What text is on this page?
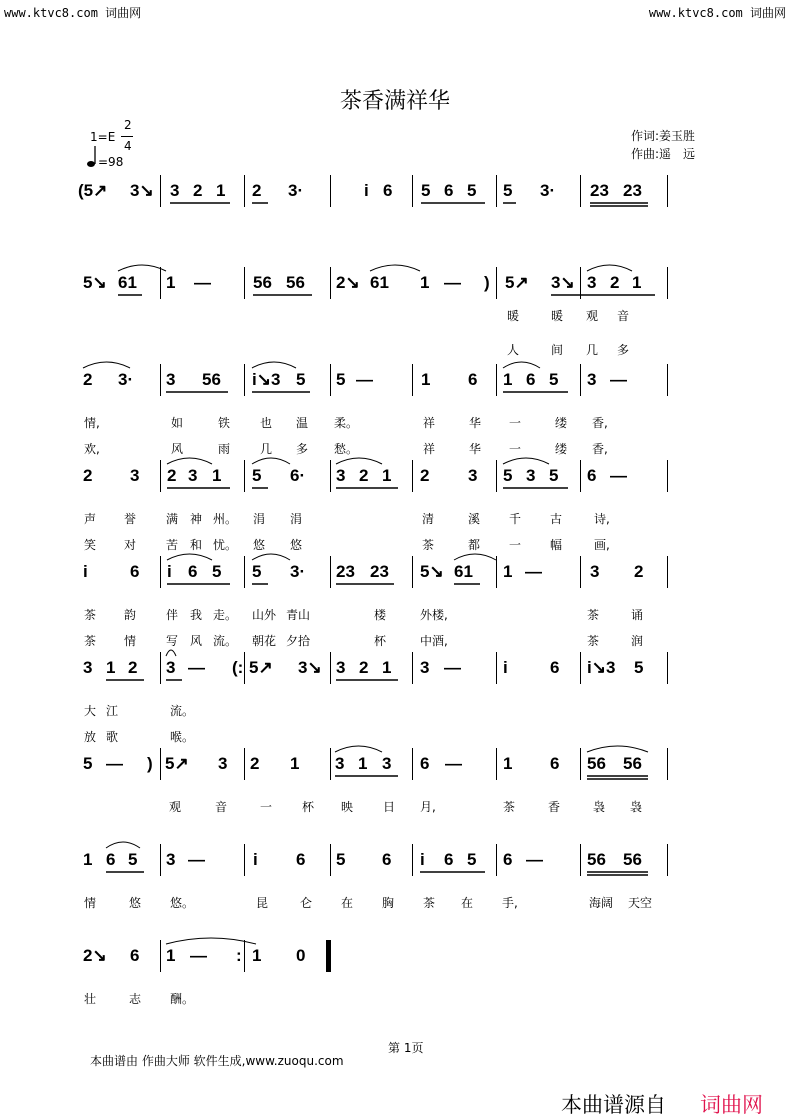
www.ktvc8.com 词曲网	www.ktvc8.com 词曲网
茶香满祥华
1=E
2
4
=98
作词:姜玉胜
作曲:遥　远
(5↗ 3↘ 3 2 1 2 3·	i 6 5 6 5 5 3· 23 23
5↘ 61 1 — 56 56 2↘ 61 1 — ) 5↗ 3↘ 3 2 1
暖	暖 观 音
人	间 几 多
2 3· 3 56 i↘3 5 5 —	1 6 1 6 5 3 —
情,	如	铁 也 温 柔。	祥	华 一	缕 香,
欢,	风	雨 几 多 愁。	祥	华 一	缕 香,
2 3 2 3 1 5 6· 3 2 1 2 3 5 3 5 6 —
声 誉 满 神 州。 涓 涓	清	溪 千 古	诗,
笑 对 苦 和 忧。 悠 悠	茶	都 一 幅	画,
i 6 i 6 5 5 3· 23 23 5↘ 61 1 —	3 2
茶 韵 伴 我 走。 山外 青山	楼	外楼,	茶	诵
茶 情 写 风 流。 朝花 夕拾	杯	中酒,	茶	润
3 1 2 3 — (: 5↗ 3↘ 3 2 1 3 — i 6 i↘3 5
大 江	流。
放 歌	喉。
5 — ) 5↗ 3 2 1 3 1 3 6 — 1 6 56 56
观	音	一 杯 映 日 月,	茶	香	袅 袅
1 6 5 3 —	i 6 5 6 i 6 5 6 —	56 56
情	悠 悠。	昆	仑 在 胸 茶 在 手,	海阔 天空
2↘ 6 1 — : 1 0
壮	志 酬。
第 1页
本曲谱由 作曲大师 软件生成,www.zuoqu.com
本曲谱源自 词曲网
